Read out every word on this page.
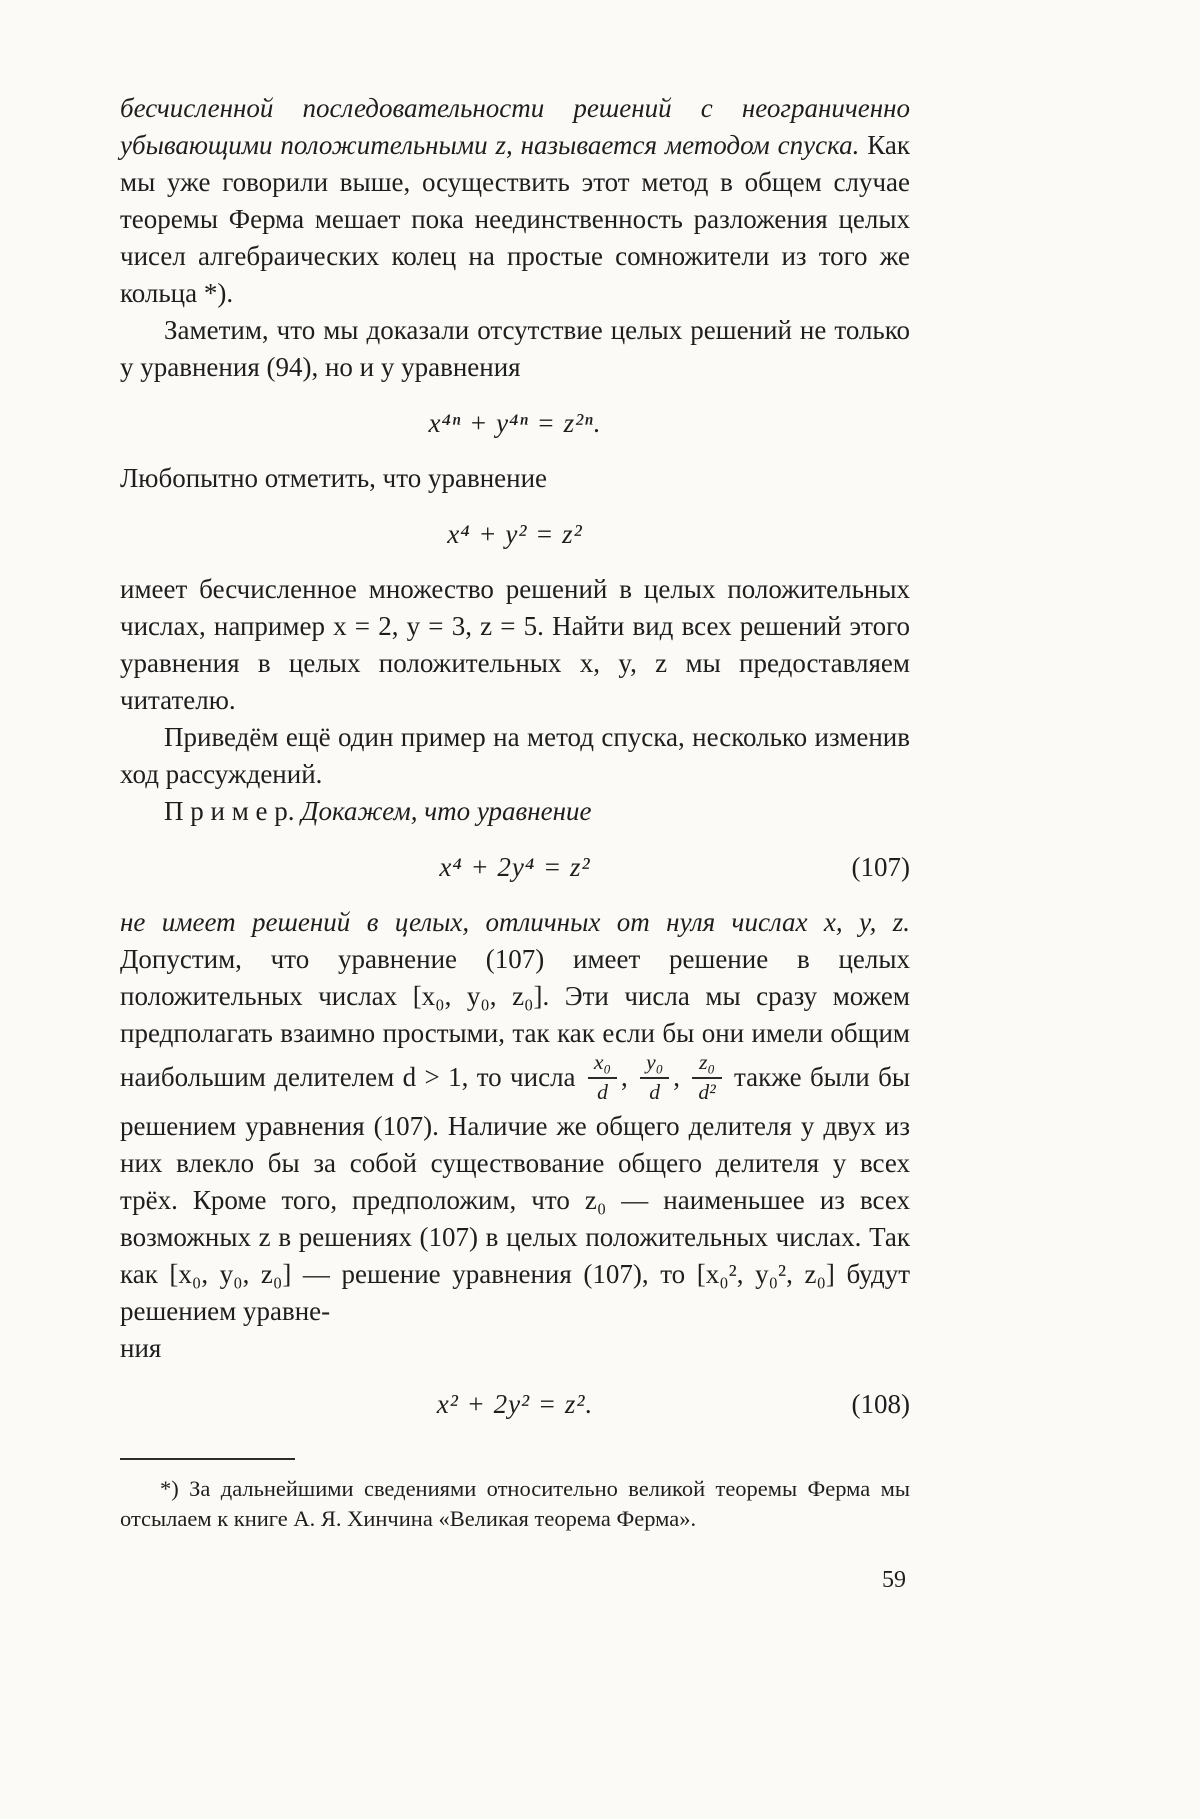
бесчисленной последовательности решений с неограниченно убывающими положительными z, называется методом спуска. Как мы уже говорили выше, осуществить этот метод в общем случае теоремы Ферма мешает пока неединственность разложения целых чисел алгебраических колец на простые сомножители из того же кольца *).

Заметим, что мы доказали отсутствие целых решений не только у уравнения (94), но и у уравнения

x⁴ⁿ + y⁴ⁿ = z²ⁿ.

Любопытно отметить, что уравнение

x⁴ + y² = z²

имеет бесчисленное множество решений в целых положительных числах, например x = 2, y = 3, z = 5. Найти вид всех решений этого уравнения в целых положительных x, y, z мы предоставляем читателю.

Приведём ещё один пример на метод спуска, несколько изменив ход рассуждений.

П р и м е р. Докажем, что уравнение

x⁴ + 2y⁴ = z²	(107)

не имеет решений в целых, отличных от нуля числах x, y, z. Допустим, что уравнение (107) имеет решение в целых положительных числах [x₀, y₀, z₀]. Эти числа мы сразу можем предполагать взаимно простыми, так как если бы они имели общим наибольшим делителем d > 1, то числа $\frac{\text{x₀}}{d}$ , $\frac{\text{y₀}}{d}$ , $\frac{\text{z₀}}{\text{d²}}$ также были бы решением уравнения (107). Наличие же общего делителя у двух из них влекло бы за собой существование общего делителя у всех трёх. Кроме того, предположим, что z₀ — наименьшее из всех возможных z в решениях (107) в целых положительных числах. Так как [x₀, y₀, z₀] — решение уравнения (107), то [x₀², y₀², z₀] будут решением уравне-

ния

x² + 2y² = z².	(108)

*) За дальнейшими сведениями относительно великой теоремы Ферма мы отсылаем к книге А. Я. Хинчина «Великая теорема Ферма».

59
